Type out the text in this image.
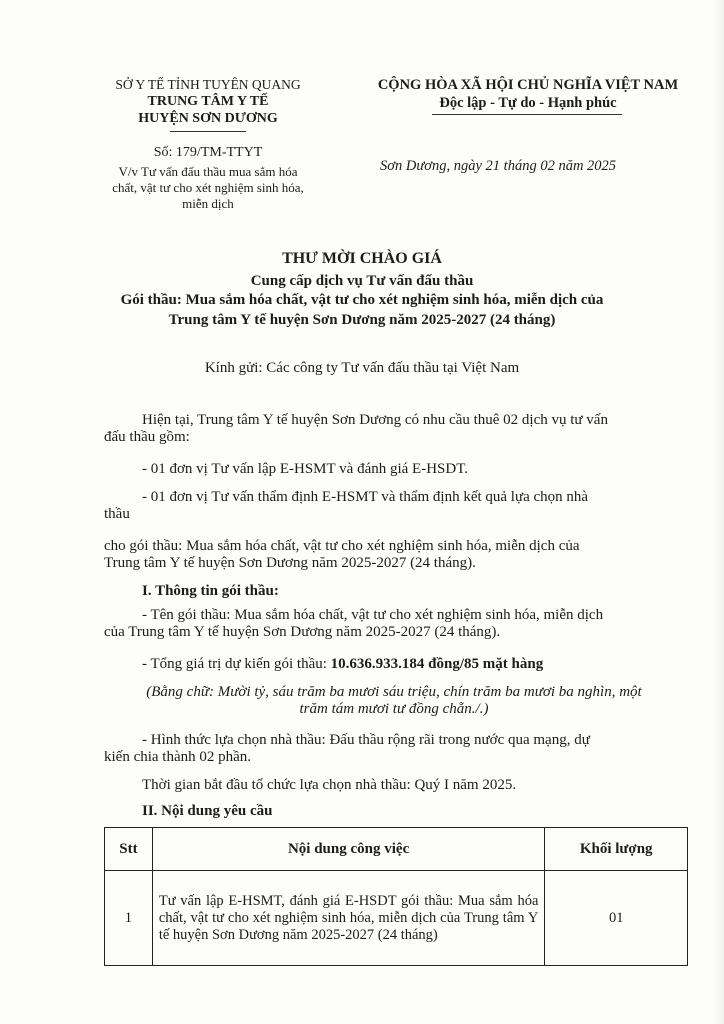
SỞ Y TẾ TỈNH TUYÊN QUANG
TRUNG TÂM Y TẾ
HUYỆN SƠN DƯƠNG
CỘNG HÒA XÃ HỘI CHỦ NGHĨA VIỆT NAM
Độc lập - Tự do - Hạnh phúc
Số: 179/TM-TTYT
V/v Tư vấn đấu thầu mua sắm hóa
chất, vật tư cho xét nghiệm sinh hóa,
miễn dịch
Sơn Dương, ngày 21 tháng 02 năm 2025
THƯ MỜI CHÀO GIÁ
Cung cấp dịch vụ Tư vấn đấu thầu
Gói thầu: Mua sắm hóa chất, vật tư cho xét nghiệm sinh hóa, miễn dịch của
Trung tâm Y tế huyện Sơn Dương năm 2025-2027 (24 tháng)
Kính gửi: Các công ty Tư vấn đấu thầu tại Việt Nam
Hiện tại, Trung tâm Y tế huyện Sơn Dương có nhu cầu thuê 02 dịch vụ tư vấn
đấu thầu gồm:
- 01 đơn vị Tư vấn lập E-HSMT và đánh giá E-HSDT.
- 01 đơn vị Tư vấn thẩm định E-HSMT và thẩm định kết quả lựa chọn nhà
thầu
cho gói thầu: Mua sắm hóa chất, vật tư cho xét nghiệm sinh hóa, miễn dịch của
Trung tâm Y tế huyện Sơn Dương năm 2025-2027 (24 tháng).
I. Thông tin gói thầu:
- Tên gói thầu: Mua sắm hóa chất, vật tư cho xét nghiệm sinh hóa, miễn dịch
của Trung tâm Y tế huyện Sơn Dương năm 2025-2027 (24 tháng).
- Tổng giá trị dự kiến gói thầu: 10.636.933.184 đồng/85 mặt hàng
(Bằng chữ: Mười tỷ, sáu trăm ba mươi sáu triệu, chín trăm ba mươi ba nghìn, một
trăm tám mươi tư đồng chẵn./.)
- Hình thức lựa chọn nhà thầu: Đấu thầu rộng rãi trong nước qua mạng, dự
kiến chia thành 02 phần.
Thời gian bắt đầu tổ chức lựa chọn nhà thầu: Quý I năm 2025.
II. Nội dung yêu cầu
Stt	Nội dung công việc	Khối lượng
1	Tư vấn lập E-HSMT, đánh giá E-HSDT gói thầu: Mua sắm hóa chất, vật tư cho xét nghiệm sinh hóa, miễn dịch của Trung tâm Y tế huyện Sơn Dương năm 2025-2027 (24 tháng)	01
